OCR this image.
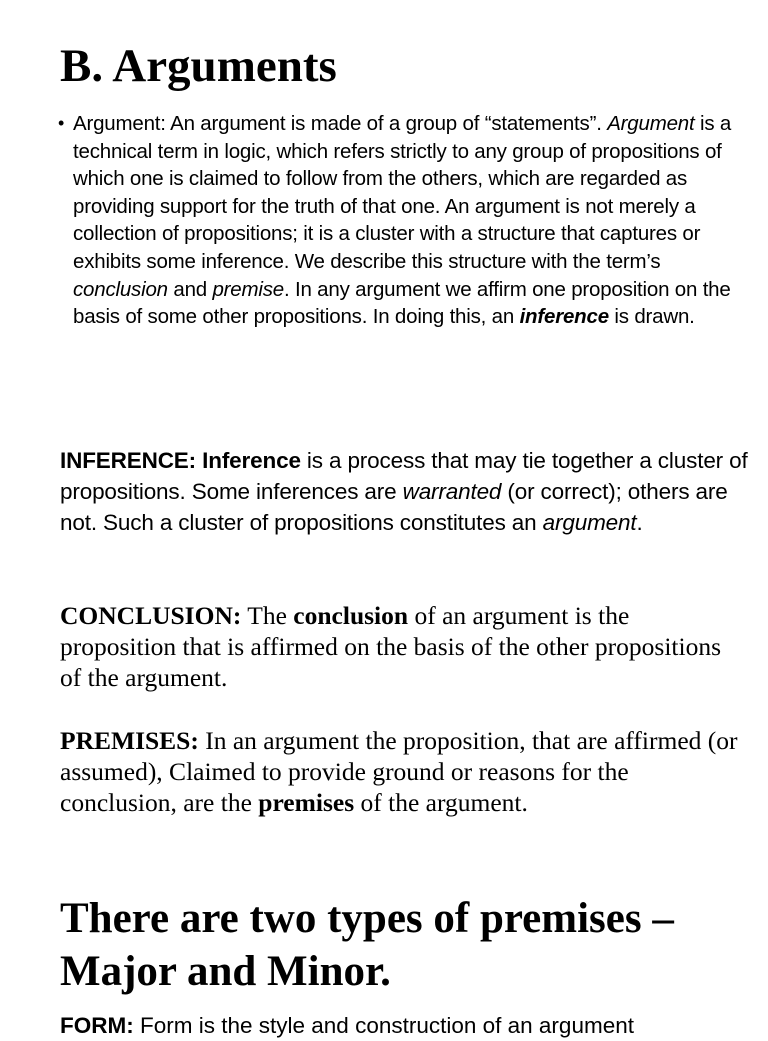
B. Arguments
• Argument: An argument is made of a group of “statements”. Argument is a technical term in logic, which refers strictly to any group of propositions of which one is claimed to follow from the others, which are regarded as providing support for the truth of that one. An argument is not merely a collection of propositions; it is a cluster with a structure that captures or exhibits some inference. We describe this structure with the term’s conclusion and premise. In any argument we affirm one proposition on the basis of some other propositions. In doing this, an inference is drawn.

INFERENCE: Inference is a process that may tie together a cluster of propositions. Some inferences are warranted (or correct); others are not. Such a cluster of propositions constitutes an argument.

CONCLUSION: The conclusion of an argument is the proposition that is affirmed on the basis of the other propositions of the argument.

PREMISES: In an argument the proposition, that are affirmed (or assumed), Claimed to provide ground or reasons for the conclusion, are the premises of the argument.

There are two types of premises – Major and Minor.

FORM: Form is the style and construction of an argument
